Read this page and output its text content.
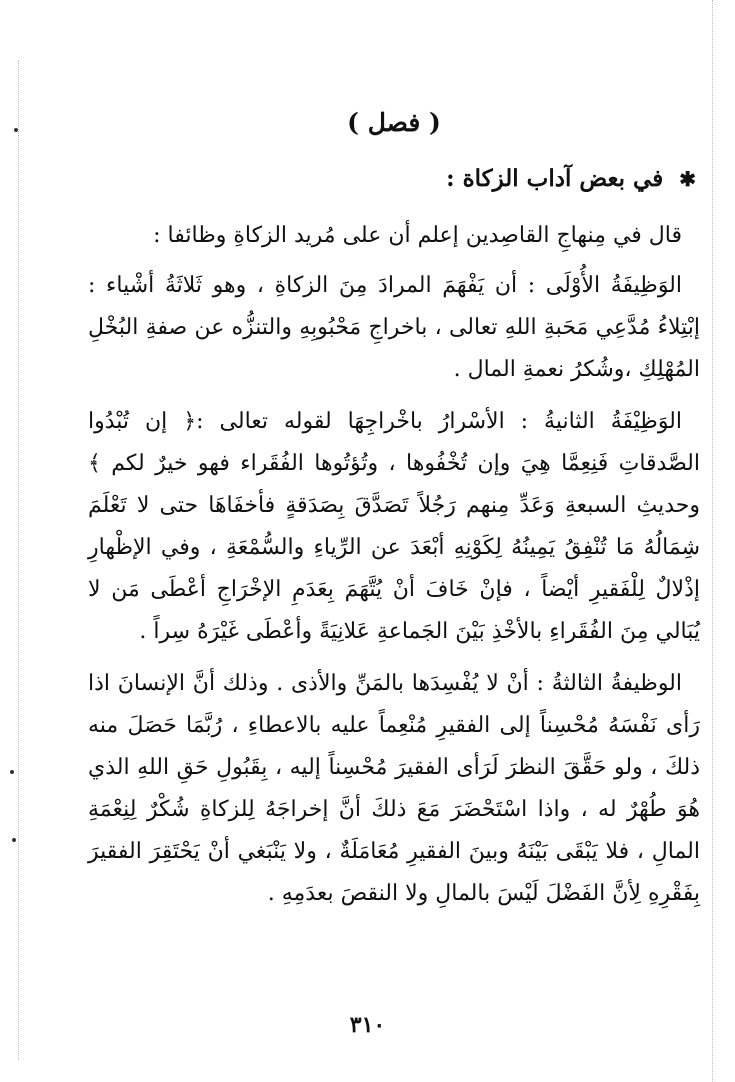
( فصل )
✱ في بعض آداب الزكاة :

قال في مِنهاجِ القاصِدين إعلم أن على مُريد الزكاةِ وظائفا :

الوَظِيفَةُ الأُوْلَى : أن يَفْهَمَ المرادَ مِنَ الزكاةِ ، وهو ثَلاثَةُ أشْياء : إبْتِلاءُ مُدَّعِي مَحَبةِ اللهِ تعالى ، باخراجِ مَحْبُوبِهِ والتنزُّه عن صفةِ البُخْلِ المُهْلِكِ ،وشُكرُ نعمةِ المال .

الوَظِيْفَةُ الثانيةُ : الأسْرارُ باخْراجِهَا لقوله تعالى :﴿ إن تُبْدُوا الصَّدقاتِ فَنِعِمَّا هِيَ وإن تُخْفُوها ، وتُؤتُوها الفُقَراء فهو خيرٌ لكم ﴾ وحديثِ السبعةِ وَعَدِّ مِنهم رَجُلاً تَصَدَّقَ بِصَدَقةٍ فأخفَاهَا حتى لا تَعْلَمَ شِمَالُهُ مَا تُنْفِقُ يَمِينُهُ لِكَوْنِهِ أبْعَدَ عن الرِّياءِ والسُّمْعَةِ ، وفي الإظْهارِ إذْلالٌ لِلْفَقيرِ أيْضاً ، فإنْ خَافَ أنْ يُتَّهَمَ بِعَدَمِ الإخْرَاجِ أعْطَى مَن لا يُبَالي مِنَ الفُقَراءِ بالأخْذِ بَيْنَ الجَماعةِ عَلانِيَةً وأعْطَى غَيْرَهُ سِراً .

الوظيفةُ الثالثةُ : أنْ لا يُفْسِدَها بالمَنِّ والأذى . وذلك أنَّ الإنسانَ اذا رَأى نَفْسَهُ مُحْسِناً إلى الفقيرِ مُنْعِماً عليه بالاعطاءِ ، رُبَّمَا حَصَلَ منه ذلكَ ، ولو حَقَّقَ النظرَ لَرَأى الفقيرَ مُحْسِناً إليه ، بِقَبُولِ حَقِ اللهِ الذي هُوَ طُهْرٌ له ، واذا اسْتَحْضَرَ مَعَ ذلكَ أنَّ إخراجَهُ لِلزكاةِ شُكْرٌ لِنِعْمَةِ المالِ ، فلا يَبْقَى بَيْنَهُ وبينَ الفقيرِ مُعَامَلَةٌ ، ولا يَنْبَغي أنْ يَحْتَقِرَ الفقيرَ بِفَقْرِهِ لِأنَّ الفَضْلَ لَيْسَ بالمالِ ولا النقصَ بعدَمِهِ .

٣١٠
